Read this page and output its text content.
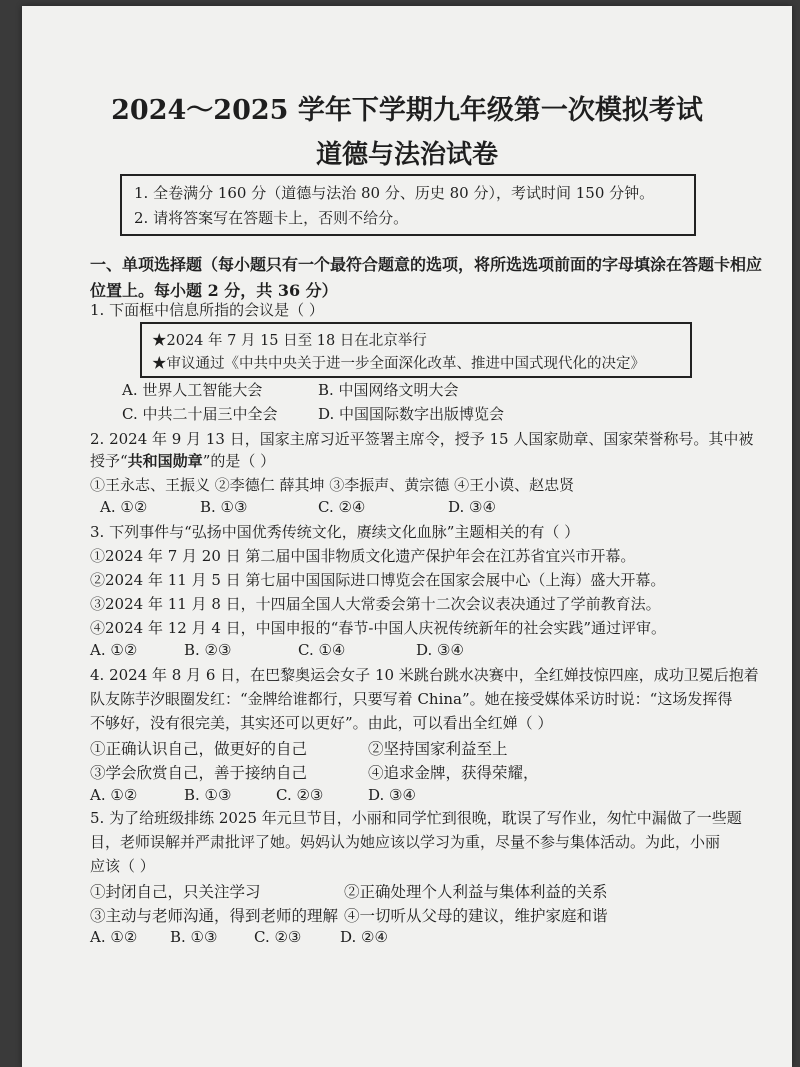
2024～2025 学年下学期九年级第一次模拟考试
道德与法治试卷
1. 全卷满分 160 分（道德与法治 80 分、历史 80 分），考试时间 150 分钟。
2. 请将答案写在答题卡上，否则不给分。
一、单项选择题（每小题只有一个最符合题意的选项，将所选选项前面的字母填涂在答题卡相应
位置上。每小题 2 分，共 36 分）
1. 下面框中信息所指的会议是（ ）
★2024 年 7 月 15 日至 18 日在北京举行
★审议通过《中共中央关于进一步全面深化改革、推进中国式现代化的决定》
A. 世界人工智能大会	B. 中国网络文明大会
C. 中共二十届三中全会	D. 中国国际数字出版博览会
2. 2024 年 9 月 13 日，国家主席习近平签署主席令，授予 15 人国家勋章、国家荣誉称号。其中被
授予“共和国勋章”的是（ ）
①王永志、王振义 ②李德仁 薛其坤 ③李振声、黄宗德 ④王小谟、赵忠贤
A. ①②	B. ①③	C. ②④	D. ③④
3. 下列事件与“弘扬中国优秀传统文化，赓续文化血脉”主题相关的有（ ）
①2024 年 7 月 20 日 第二届中国非物质文化遗产保护年会在江苏省宜兴市开幕。
②2024 年 11 月 5 日 第七届中国国际进口博览会在国家会展中心（上海）盛大开幕。
③2024 年 11 月 8 日，十四届全国人大常委会第十二次会议表决通过了学前教育法。
④2024 年 12 月 4 日，中国申报的“春节-中国人庆祝传统新年的社会实践”通过评审。
A. ①②	B. ②③	C. ①④	D. ③④
4. 2024 年 8 月 6 日，在巴黎奥运会女子 10 米跳台跳水决赛中，全红婵技惊四座，成功卫冕后抱着
队友陈芋汐眼圈发红：“金牌给谁都行，只要写着 China”。她在接受媒体采访时说：“这场发挥得
不够好，没有很完美，其实还可以更好”。由此，可以看出全红婵（ ）
①正确认识自己，做更好的自己	②坚持国家利益至上
③学会欣赏自己，善于接纳自己	④追求金牌，获得荣耀，
A. ①②	B. ①③	C. ②③	D. ③④
5. 为了给班级排练 2025 年元旦节目，小丽和同学忙到很晚，耽误了写作业，匆忙中漏做了一些题
目，老师误解并严肃批评了她。妈妈认为她应该以学习为重，尽量不参与集体活动。为此，小丽
应该（ ）
①封闭自己，只关注学习	②正确处理个人利益与集体利益的关系
③主动与老师沟通，得到老师的理解 ④一切听从父母的建议，维护家庭和谐
A. ①② B. ①③ C. ②③	D. ②④
